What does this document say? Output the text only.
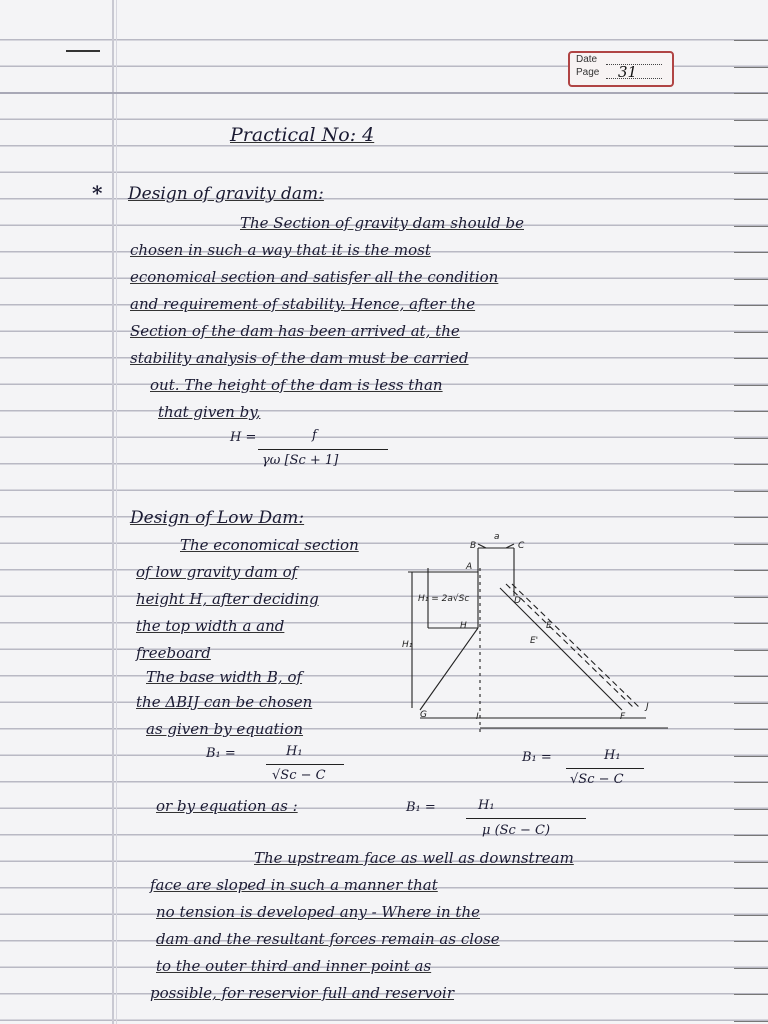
Date
Page 31
Practical No: 4
* Design of gravity dam:
The Section of gravity dam should be
chosen in such a way that it is the most
economical section and satisfer all the condition
and requirement of stability. Hence, after the
Section of the dam has been arrived at, the
stability analysis of the dam must be carried
out. The height of the dam is less than
that given by,
H =	f
γω [Sc + 1]
Design of Low Dam:
The economical section
of low gravity dam of
height H, after deciding
the top width a and
freeboard
The base width B, of
the ΔBIJ can be chosen
as given by equation
B₁ =	H₁
√Sc − C
B₁ =	H₁
√Sc − C
or by equation as :	B₁ =	H₁
μ (Sc − C)
B
a
C
A
H₁ = 2a√Sc
H
D
E
E'
H₁
G	I	F
J
The upstream face as well as downstream
face are sloped in such a manner that
no tension is developed any - Where in the
dam and the resultant forces remain as close
to the outer third and inner point as
possible, for reservior full and reservoir
